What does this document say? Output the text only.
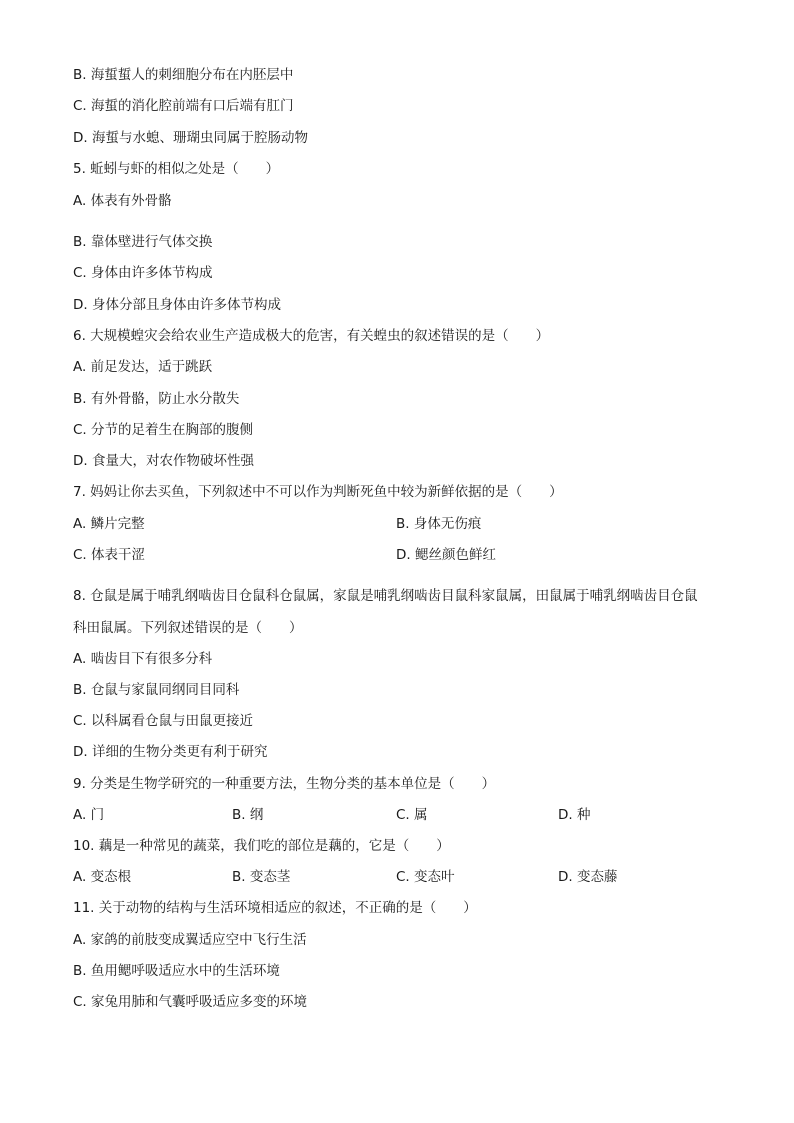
B. 海蜇蜇人的刺细胞分布在内胚层中
C. 海蜇的消化腔前端有口后端有肛门
D. 海蜇与水螅、珊瑚虫同属于腔肠动物
5. 蚯蚓与虾的相似之处是（　　）
A. 体表有外骨骼
B. 靠体壁进行气体交换
C. 身体由许多体节构成
D. 身体分部且身体由许多体节构成
6. 大规模蝗灾会给农业生产造成极大的危害，有关蝗虫的叙述错误的是（　　）
A. 前足发达，适于跳跃
B. 有外骨骼，防止水分散失
C. 分节的足着生在胸部的腹侧
D. 食量大，对农作物破坏性强
7. 妈妈让你去买鱼，下列叙述中不可以作为判断死鱼中较为新鲜依据的是（　　）
A. 鳞片完整	B. 身体无伤痕
C. 体表干涩	D. 鳃丝颜色鲜红
8. 仓鼠是属于哺乳纲啮齿目仓鼠科仓鼠属，家鼠是哺乳纲啮齿目鼠科家鼠属，田鼠属于哺乳纲啮齿目仓鼠
科田鼠属。下列叙述错误的是（　　）
A. 啮齿目下有很多分科
B. 仓鼠与家鼠同纲同目同科
C. 以科属看仓鼠与田鼠更接近
D. 详细的生物分类更有利于研究
9. 分类是生物学研究的一种重要方法，生物分类的基本单位是（　　）
A. 门	B. 纲	C. 属	D. 种
10. 藕是一种常见的蔬菜，我们吃的部位是藕的，它是（　　）
A. 变态根	B. 变态茎	C. 变态叶	D. 变态藤
11. 关于动物的结构与生活环境相适应的叙述，不正确的是（　　）
A. 家鸽的前肢变成翼适应空中飞行生活
B. 鱼用鳃呼吸适应水中的生活环境
C. 家兔用肺和气囊呼吸适应多变的环境
